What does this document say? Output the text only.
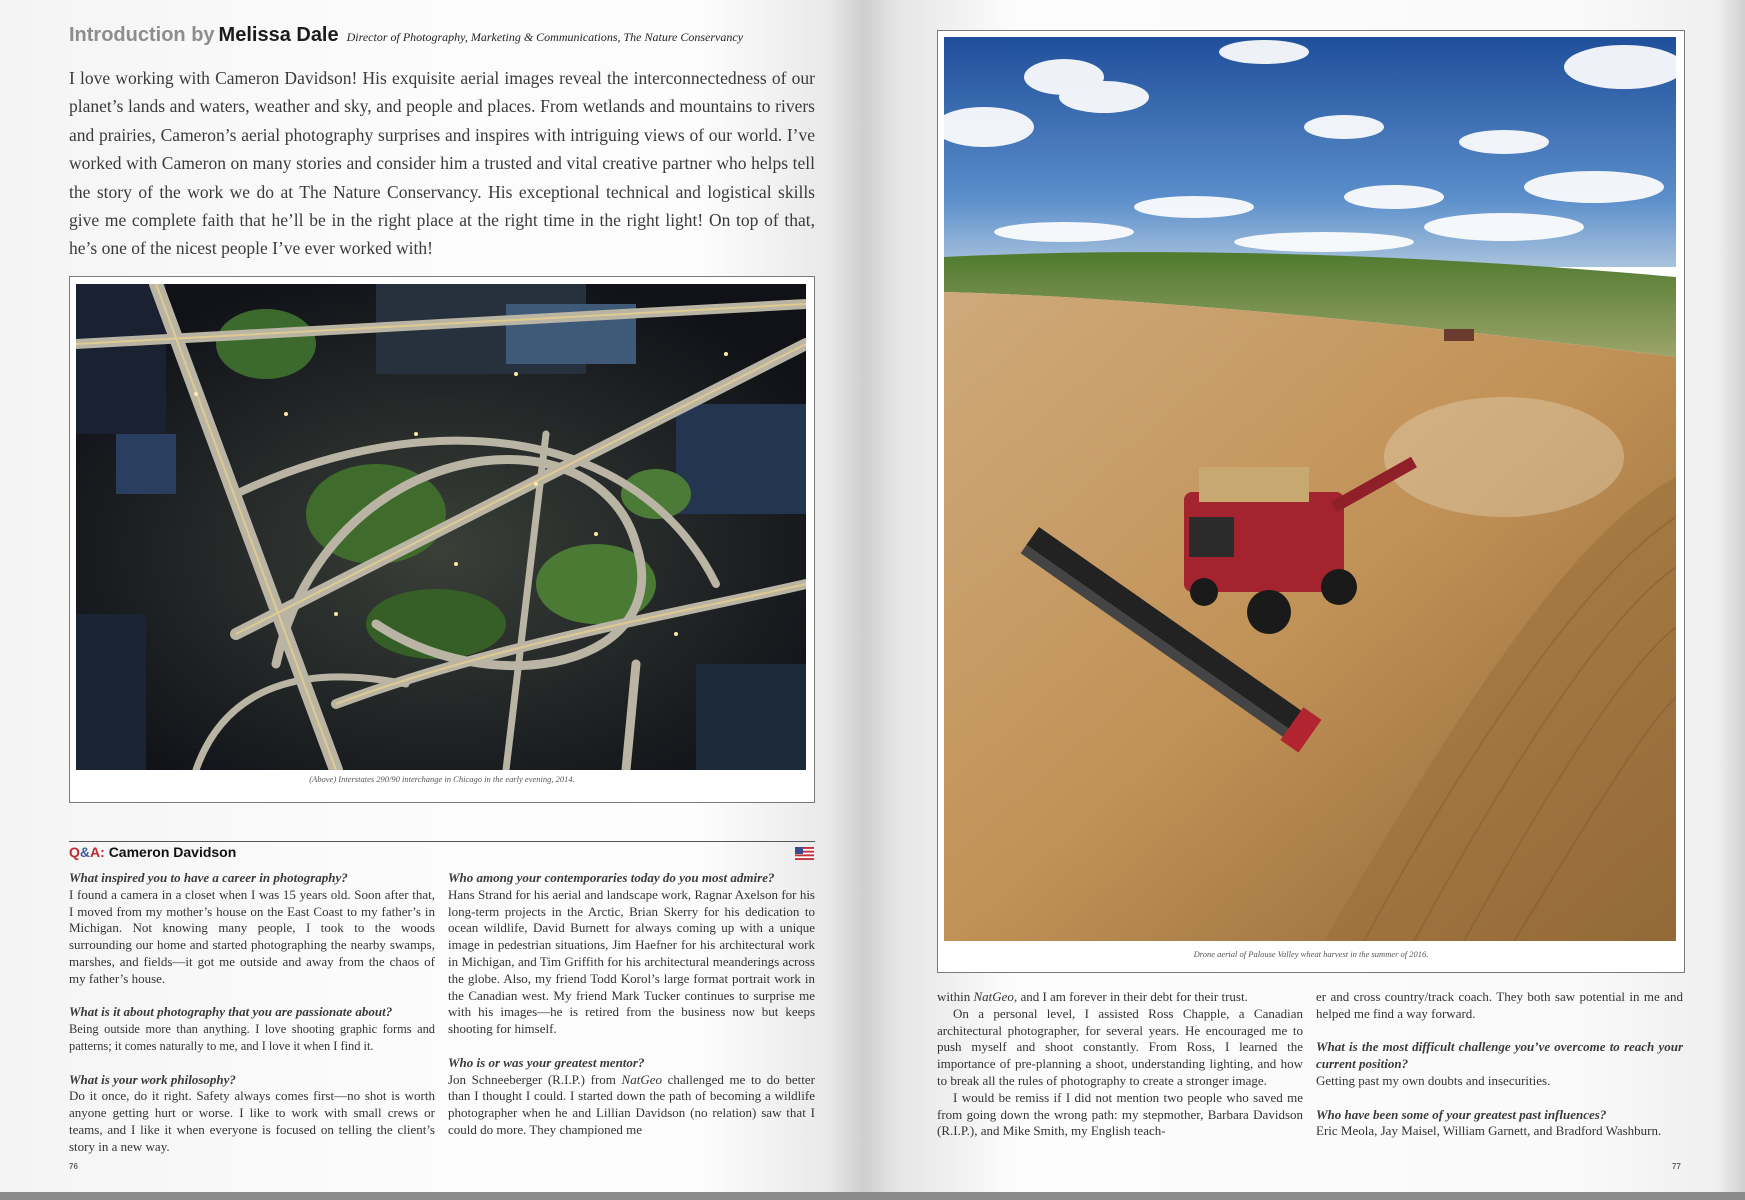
Introduction by Melissa Dale Director of Photography, Marketing & Communications, The Nature Conservancy

I love working with Cameron Davidson! His exquisite aerial images reveal the interconnectedness of our planet’s lands and waters, weather and sky, and people and places. From wetlands and mountains to rivers and prairies, Cameron’s aerial photography surprises and inspires with intriguing views of our world. I’ve worked with Cameron on many stories and consider him a trusted and vital creative partner who helps tell the story of the work we do at The Nature Conservancy. His exceptional technical and logistical skills give me complete faith that he’ll be in the right place at the right time in the right light! On top of that, he’s one of the nicest people I’ve ever worked with!

(Above) Interstates 290/90 interchange in Chicago in the early evening, 2014.
Q&A: Cameron Davidson

What inspired you to have a career in photography?

I found a camera in a closet when I was 15 years old. Soon after that, I moved from my mother’s house on the East Coast to my father’s in Michigan. Not knowing many people, I took to the woods surrounding our home and started photographing the nearby swamps, marshes, and fields—it got me outside and away from the chaos of my father’s house.

What is it about photography that you are passionate about?

Being outside more than anything. I love shooting graphic forms and patterns; it comes naturally to me, and I love it when I find it.

What is your work philosophy?

Do it once, do it right. Safety always comes first—no shot is worth anyone getting hurt or worse. I like to work with small crews or teams, and I like it when everyone is focused on telling the client’s story in a new way.

Who among your contemporaries today do you most admire?

Hans Strand for his aerial and landscape work, Ragnar Axelson for his long-term projects in the Arctic, Brian Skerry for his dedication to ocean wildlife, David Burnett for always coming up with a unique image in pedestrian situations, Jim Haefner for his architectural work in Michigan, and Tim Griffith for his architectural meanderings across the globe. Also, my friend Todd Korol’s large format portrait work in the Canadian west. My friend Mark Tucker continues to surprise me with his images—he is retired from the business now but keeps shooting for himself.

Who is or was your greatest mentor?

Jon Schneeberger (R.I.P.) from NatGeo challenged me to do better than I thought I could. I started down the path of becoming a wildlife photographer when he and Lillian Davidson (no relation) saw that I could do more. They championed me

76
Drone aerial of Palouse Valley wheat harvest in the summer of 2016.

within NatGeo, and I am forever in their debt for their trust.

On a personal level, I assisted Ross Chapple, a Canadian architectural photographer, for several years. He encouraged me to push myself and shoot constantly. From Ross, I learned the importance of pre-planning a shoot, understanding lighting, and how to break all the rules of photography to create a stronger image.

I would be remiss if I did not mention two people who saved me from going down the wrong path: my stepmother, Barbara Davidson (R.I.P.), and Mike Smith, my English teach-

er and cross country/track coach. They both saw potential in me and helped me find a way forward.

What is the most difficult challenge you’ve overcome to reach your current position?

Getting past my own doubts and insecurities.

Who have been some of your greatest past influences?

Eric Meola, Jay Maisel, William Garnett, and Bradford Washburn.

77
